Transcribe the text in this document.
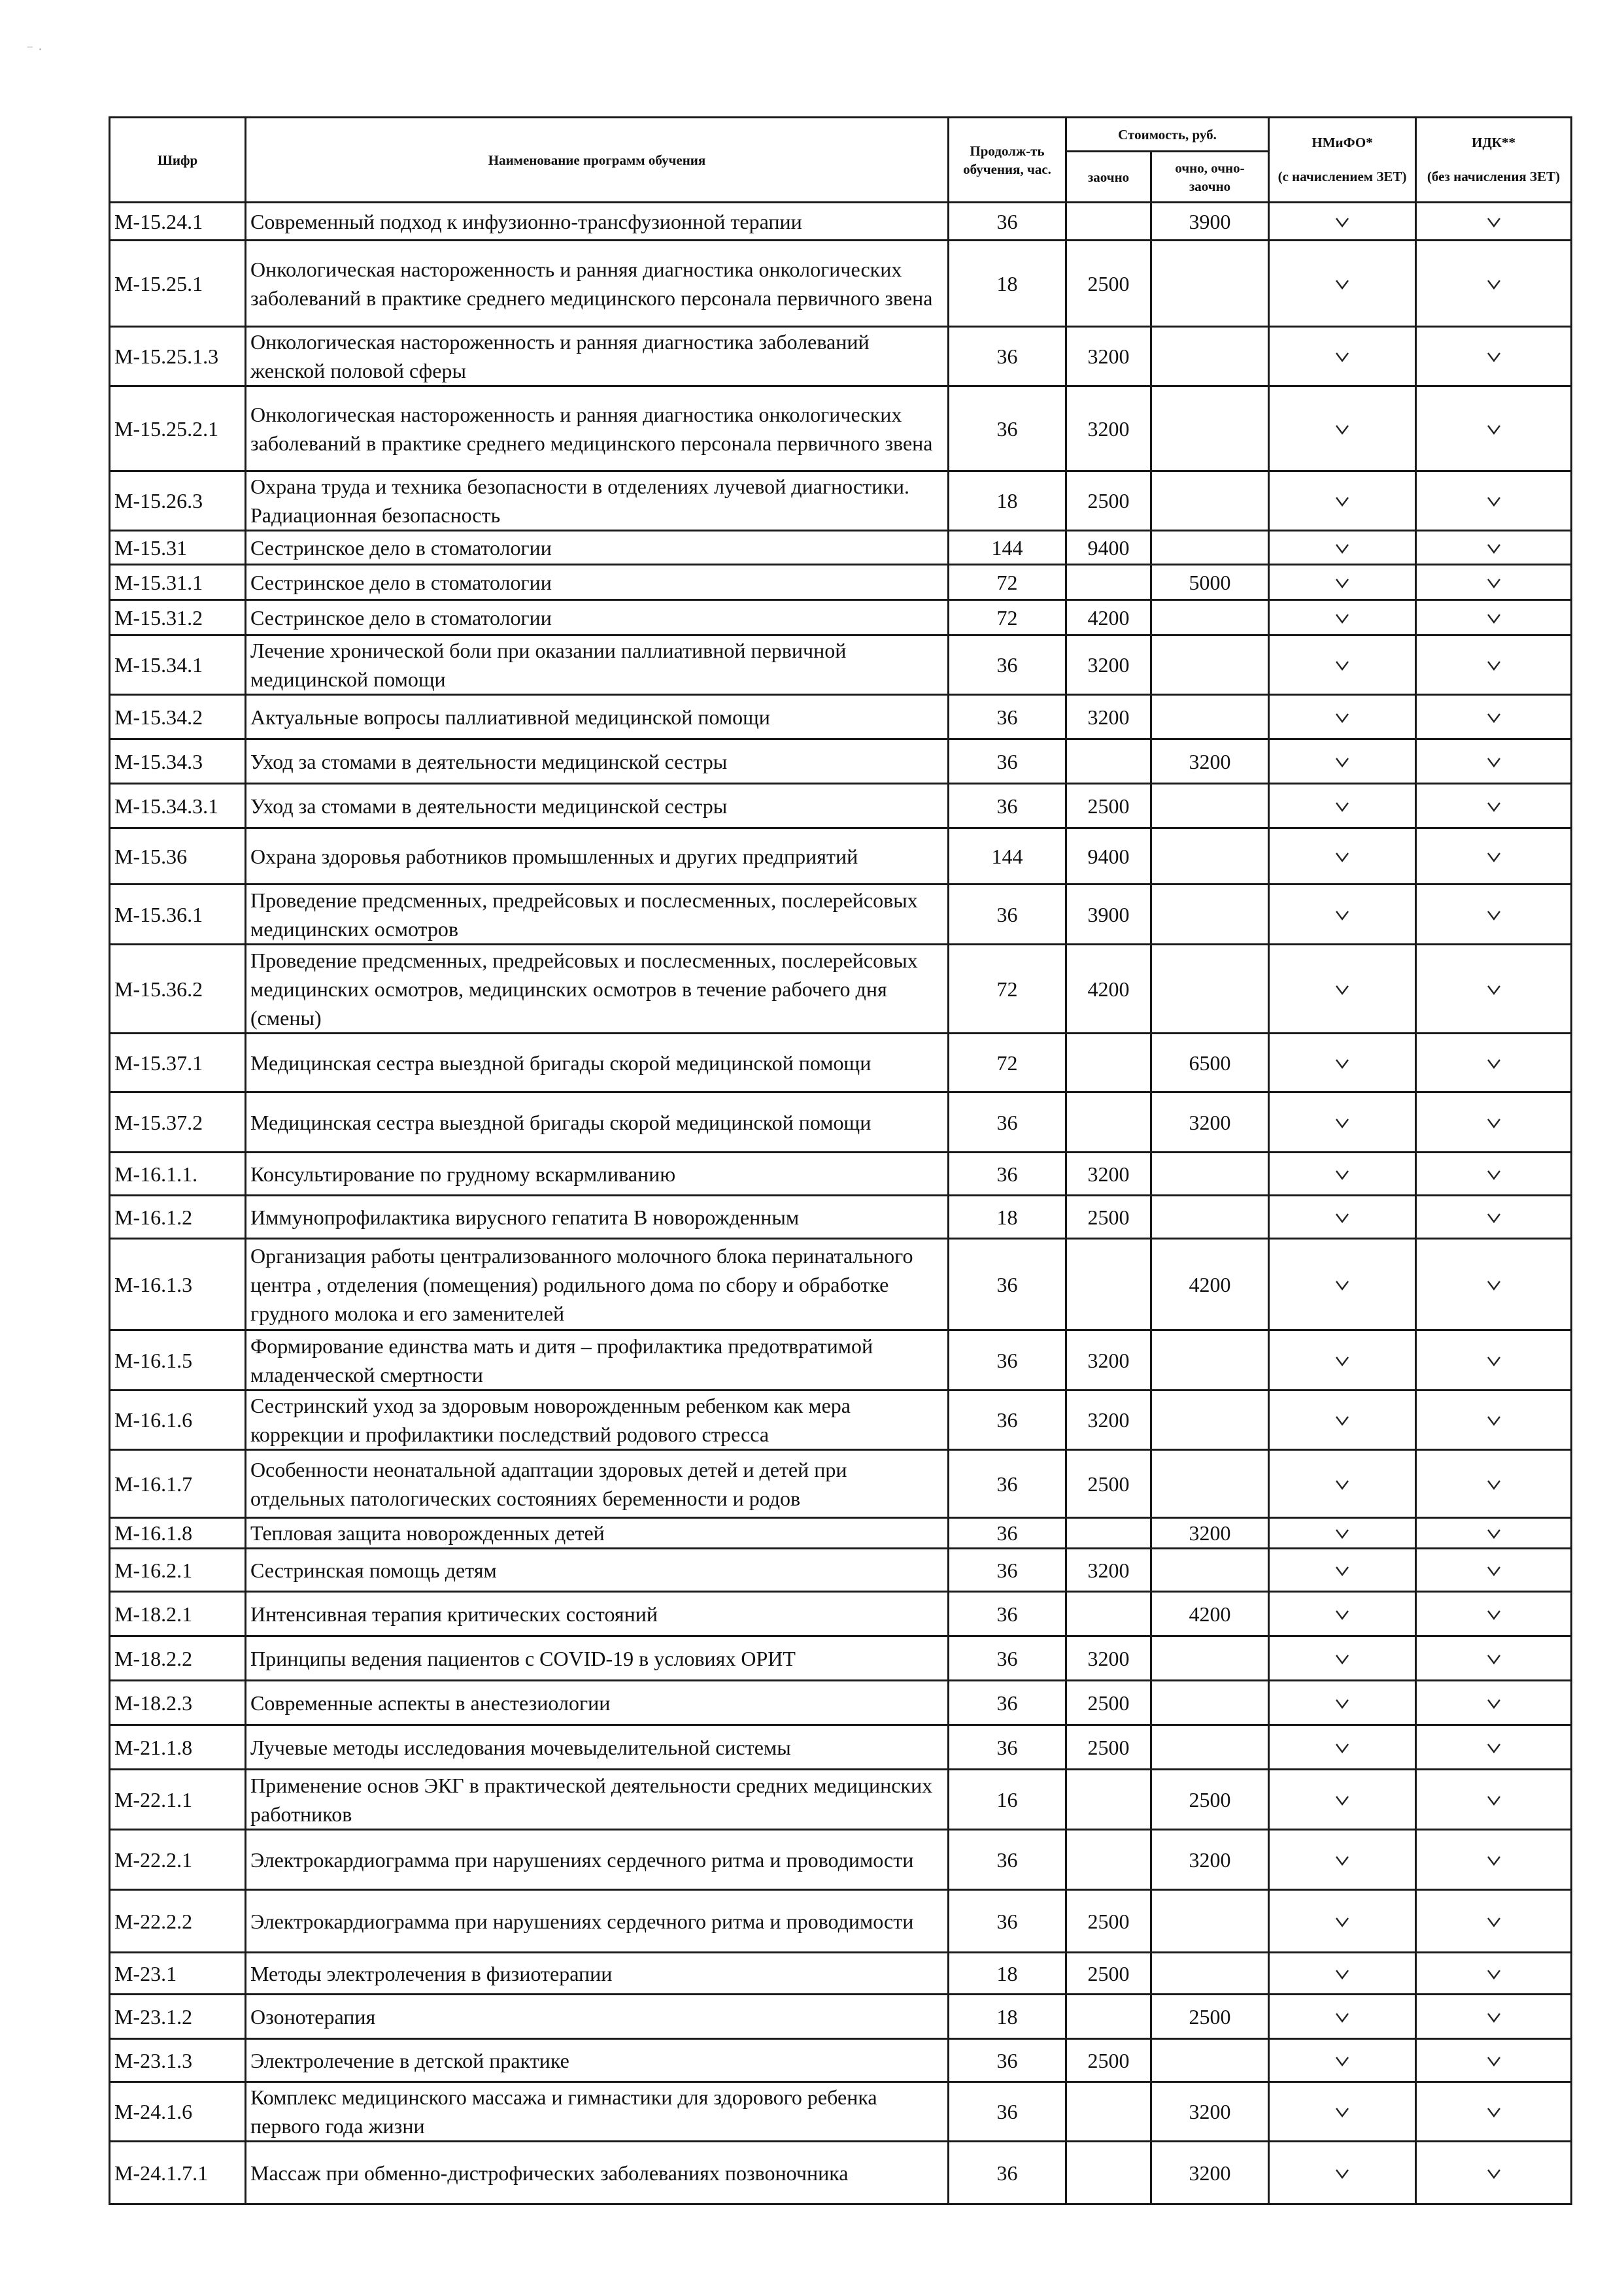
⁻ ⸱
Шифр	Наименование программ обучения	Продолж-ть обучения, час.	Стоимость, руб.		НМиФО*	ИДК**
			заочно	очно, очно-заочно	(с начислением ЗЕТ)	(без начисления ЗЕТ)
М-15.24.1	Современный подход к инфузионно-трансфузионной терапии	36		3900	

М-15.25.1	Онкологическая настороженность и ранняя диагностика онкологических заболеваний в практике среднего медицинского персонала первичного звена	18	2500		

М-15.25.1.3	Онкологическая настороженность и ранняя диагностика заболеваний женской половой сферы	36	3200		

М-15.25.2.1	Онкологическая настороженность и ранняя диагностика онкологических заболеваний в практике среднего медицинского персонала первичного звена	36	3200		

М-15.26.3	Охрана труда и техника безопасности в отделениях лучевой диагностики. Радиационная безопасность	18	2500		

М-15.31	Сестринское дело в стоматологии	144	9400		

М-15.31.1	Сестринское дело в стоматологии	72		5000	

М-15.31.2	Сестринское дело в стоматологии	72	4200		

М-15.34.1	Лечение хронической боли при оказании паллиативной первичной медицинской помощи	36	3200		

М-15.34.2	Актуальные вопросы паллиативной медицинской помощи	36	3200		

М-15.34.3	Уход за стомами в деятельности медицинской сестры	36		3200	

М-15.34.3.1	Уход за стомами в деятельности медицинской сестры	36	2500		

М-15.36	Охрана здоровья работников промышленных и других предприятий	144	9400		

М-15.36.1	Проведение предсменных, предрейсовых и послесменных, послерейсовых медицинских осмотров	36	3900		

М-15.36.2	Проведение предсменных, предрейсовых и послесменных, послерейсовых медицинских осмотров, медицинских осмотров в течение рабочего дня (смены)	72	4200		

М-15.37.1	Медицинская сестра выездной бригады скорой медицинской помощи	72		6500	

М-15.37.2	Медицинская сестра выездной бригады скорой медицинской помощи	36		3200	

М-16.1.1.	Консультирование по грудному вскармливанию	36	3200		

М-16.1.2	Иммунопрофилактика вирусного гепатита В новорожденным	18	2500		

М-16.1.3	Организация работы централизованного молочного блока перинатального центра , отделения (помещения) родильного дома по сбору и обработке грудного молока и его заменителей	36		4200	

М-16.1.5	Формирование единства мать и дитя – профилактика предотвратимой младенческой смертности	36	3200		

М-16.1.6	Сестринский уход за здоровым новорожденным ребенком как мера коррекции и профилактики последствий родового стресса	36	3200		

М-16.1.7	Особенности неонатальной адаптации здоровых детей и детей при отдельных патологических состояниях беременности и родов	36	2500		

М-16.1.8	Тепловая защита новорожденных детей	36		3200	

М-16.2.1	Сестринская помощь детям	36	3200		

М-18.2.1	Интенсивная терапия критических состояний	36		4200	

М-18.2.2	Принципы ведения пациентов с COVID-19 в условиях ОРИТ	36	3200		

М-18.2.3	Современные аспекты в анестезиологии	36	2500		

М-21.1.8	Лучевые методы исследования мочевыделительной системы	36	2500		

М-22.1.1	Применение основ ЭКГ в практической деятельности средних медицинских работников	16		2500	

М-22.2.1	Электрокардиограмма при нарушениях сердечного ритма и проводимости	36		3200	

М-22.2.2	Электрокардиограмма при нарушениях сердечного ритма и проводимости	36	2500		

М-23.1	Методы электролечения в физиотерапии	18	2500		

М-23.1.2	Озонотерапия	18		2500	

М-23.1.3	Электролечение в детской практике	36	2500		

М-24.1.6	Комплекс медицинского массажа и гимнастики для здорового ребенка первого года жизни	36		3200	

М-24.1.7.1	Массаж при обменно-дистрофических заболеваниях позвоночника	36		3200	
